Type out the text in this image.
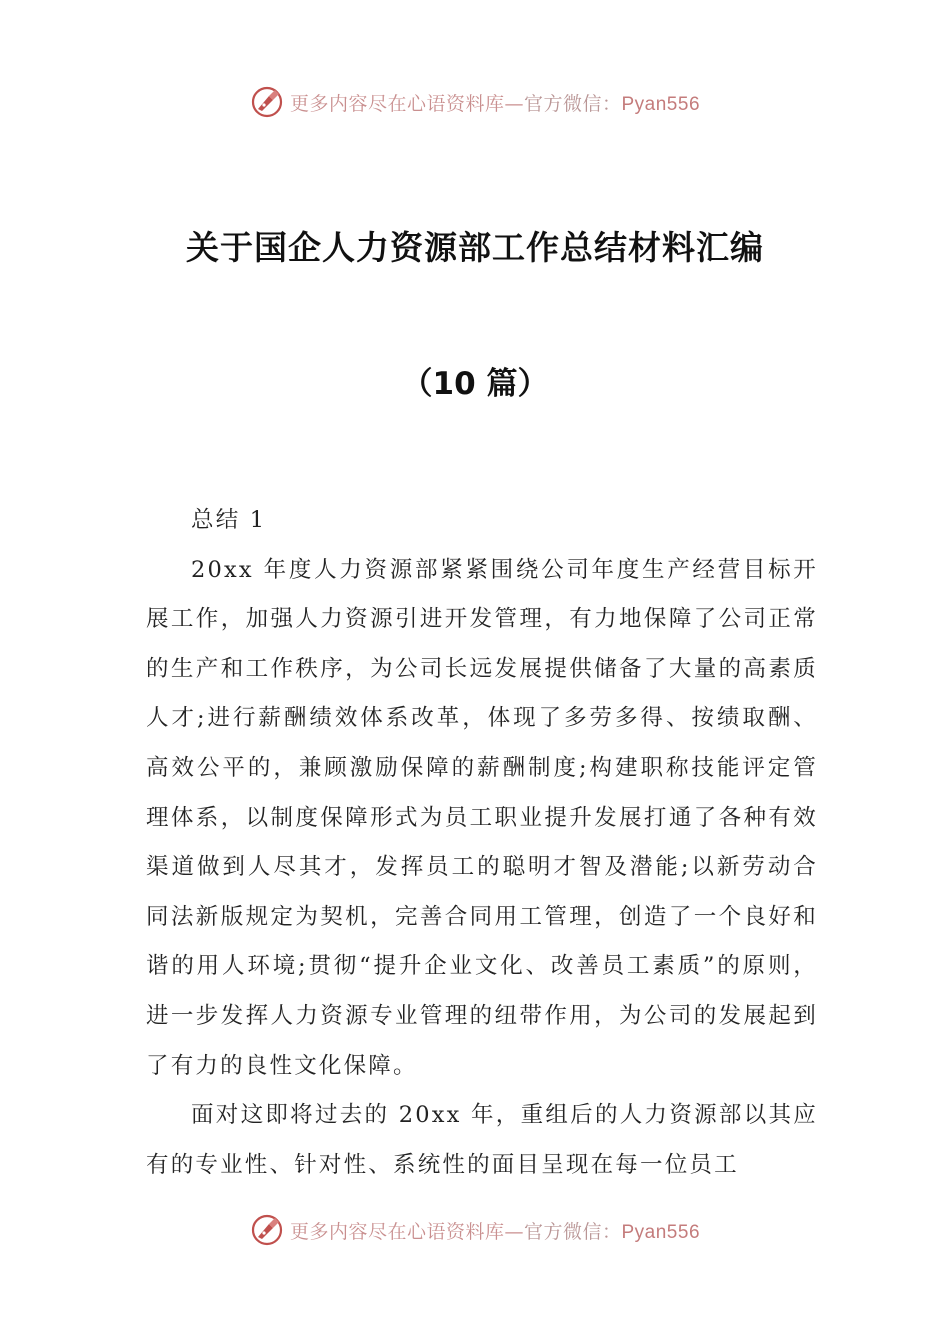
更多内容尽在心语资料库—官方微信：Pyan556
关于国企人力资源部工作总结材料汇编
（10 篇）

总结 1

20xx 年度人力资源部紧紧围绕公司年度生产经营目标开展工作，加强人力资源引进开发管理，有力地保障了公司正常的生产和工作秩序，为公司长远发展提供储备了大量的高素质人才;进行薪酬绩效体系改革，体现了多劳多得、按绩取酬、高效公平的，兼顾激励保障的薪酬制度;构建职称技能评定管理体系，以制度保障形式为员工职业提升发展打通了各种有效渠道做到人尽其才，发挥员工的聪明才智及潜能;以新劳动合同法新版规定为契机，完善合同用工管理，创造了一个良好和谐的用人环境;贯彻“提升企业文化、改善员工素质”的原则，进一步发挥人力资源专业管理的纽带作用，为公司的发展起到了有力的良性文化保障。

面对这即将过去的 20xx 年，重组后的人力资源部以其应有的专业性、针对性、系统性的面目呈现在每一位员工

更多内容尽在心语资料库—官方微信：Pyan556
